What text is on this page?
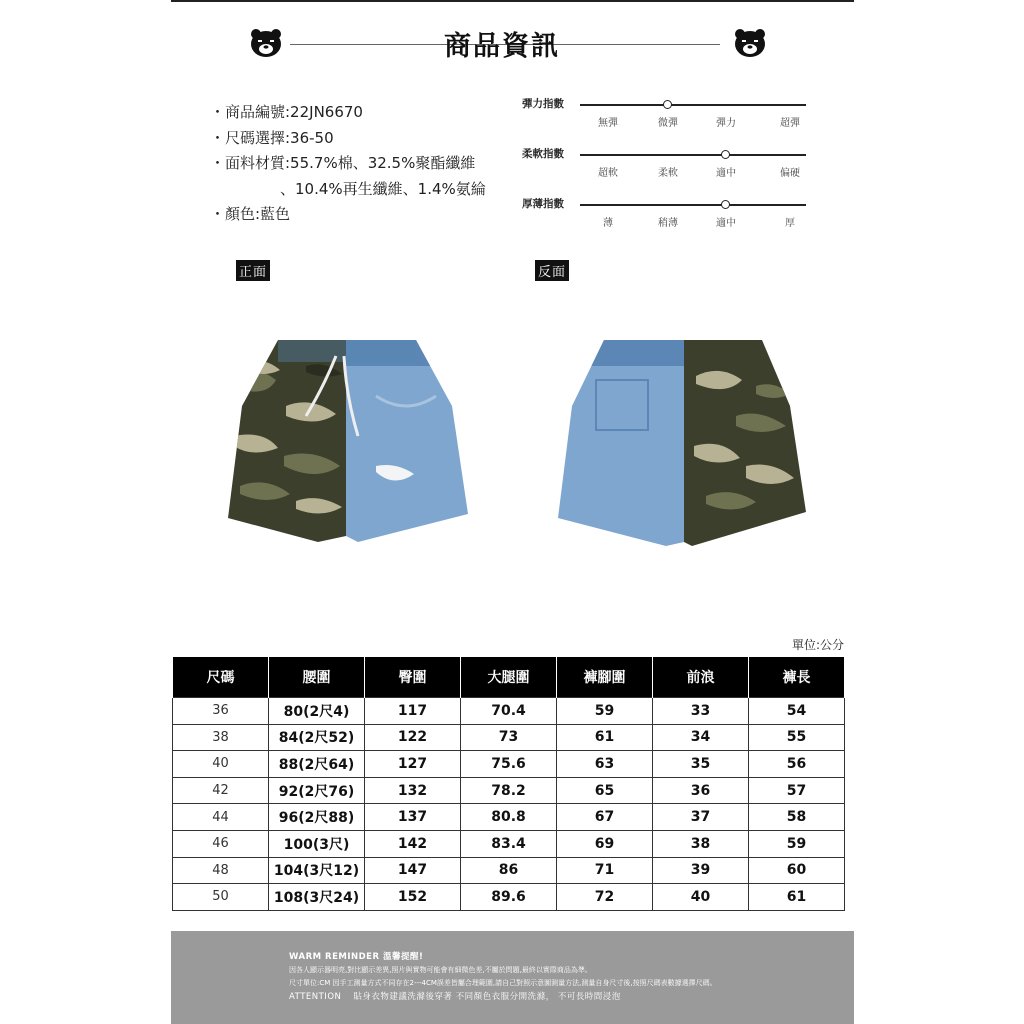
商品資訊
・商品編號:22JN6670
・尺碼選擇:36-50
・面料材質:55.7%棉、32.5%聚酯纖維
、10.4%再生纖維、1.4%氨綸
・顏色:藍色
彈力指數
無彈	微彈	彈力	超彈
柔軟指數
超軟	柔軟	適中	偏硬
厚薄指數
薄	稍薄	適中	厚
正面	反面
單位:公分
尺碼	腰圍	臀圍	大腿圍	褲腳圍	前浪	褲長
36	80(2尺4)	117	70.4	59	33	54
38	84(2尺52)	122	73	61	34	55
40	88(2尺64)	127	75.6	63	35	56
42	92(2尺76)	132	78.2	65	36	57
44	96(2尺88)	137	80.8	67	37	58
46	100(3尺)	142	83.4	69	38	59
48	104(3尺12)	147	86	71	39	60
50	108(3尺24)	152	89.6	72	40	61
WARM REMINDER 溫馨提醒!
因各人顯示器明亮,對比顯示差異,照片與實物可能會有細微色差,不屬於問題,最終以實際商品為準。
尺寸單位:CM 因手工測量方式不同存在2---4CM誤差皆屬合理範圍,請自己對照示意圖測量方法,測量自身尺寸後,按照尺碼表數據選擇尺碼。
ATTENTION 貼身衣物建議洗滌後穿著 不同顏色衣服分開洗滌， 不可長時間浸泡
